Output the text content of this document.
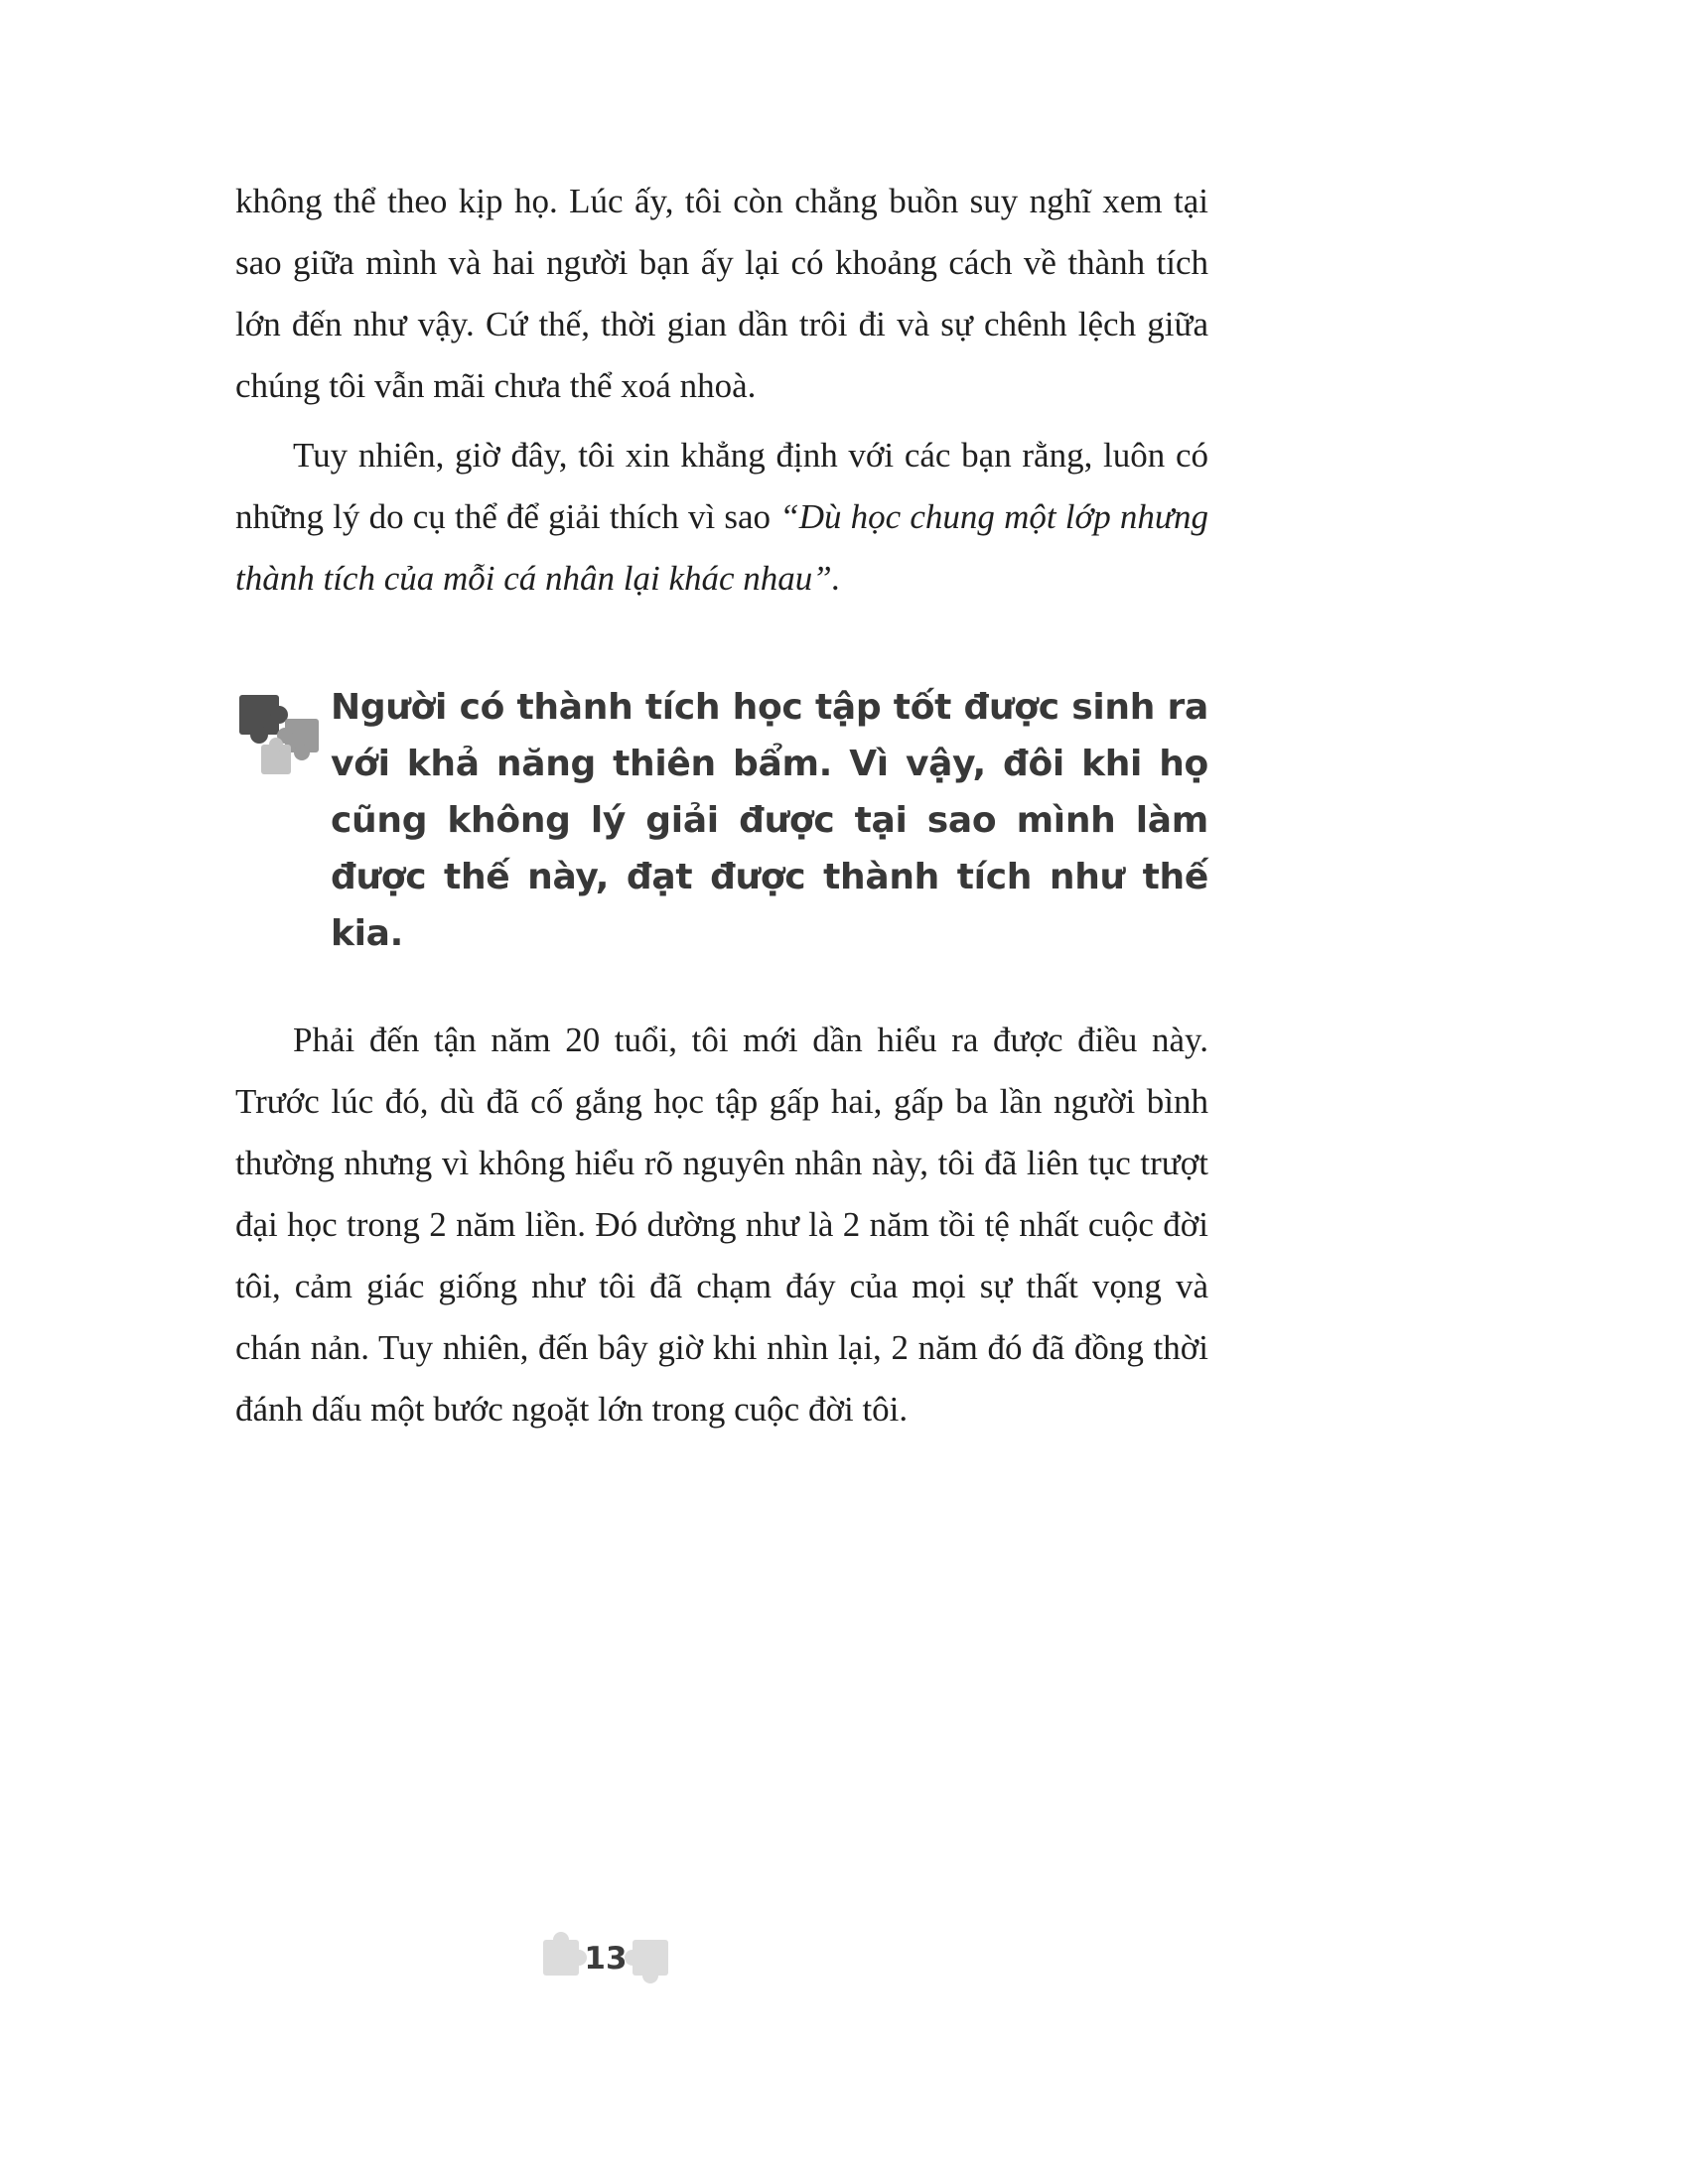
không thể theo kịp họ. Lúc ấy, tôi còn chẳng buồn suy nghĩ xem tại sao giữa mình và hai người bạn ấy lại có khoảng cách về thành tích lớn đến như vậy. Cứ thế, thời gian dần trôi đi và sự chênh lệch giữa chúng tôi vẫn mãi chưa thể xoá nhoà.

Tuy nhiên, giờ đây, tôi xin khẳng định với các bạn rằng, luôn có những lý do cụ thể để giải thích vì sao “Dù học chung một lớp nhưng thành tích của mỗi cá nhân lại khác nhau”.

Người có thành tích học tập tốt được sinh ra với khả năng thiên bẩm. Vì vậy, đôi khi họ cũng không lý giải được tại sao mình làm được thế này, đạt được thành tích như thế kia.

Phải đến tận năm 20 tuổi, tôi mới dần hiểu ra được điều này. Trước lúc đó, dù đã cố gắng học tập gấp hai, gấp ba lần người bình thường nhưng vì không hiểu rõ nguyên nhân này, tôi đã liên tục trượt đại học trong 2 năm liền. Đó dường như là 2 năm tồi tệ nhất cuộc đời tôi, cảm giác giống như tôi đã chạm đáy của mọi sự thất vọng và chán nản. Tuy nhiên, đến bây giờ khi nhìn lại, 2 năm đó đã đồng thời đánh dấu một bước ngoặt lớn trong cuộc đời tôi.

13
